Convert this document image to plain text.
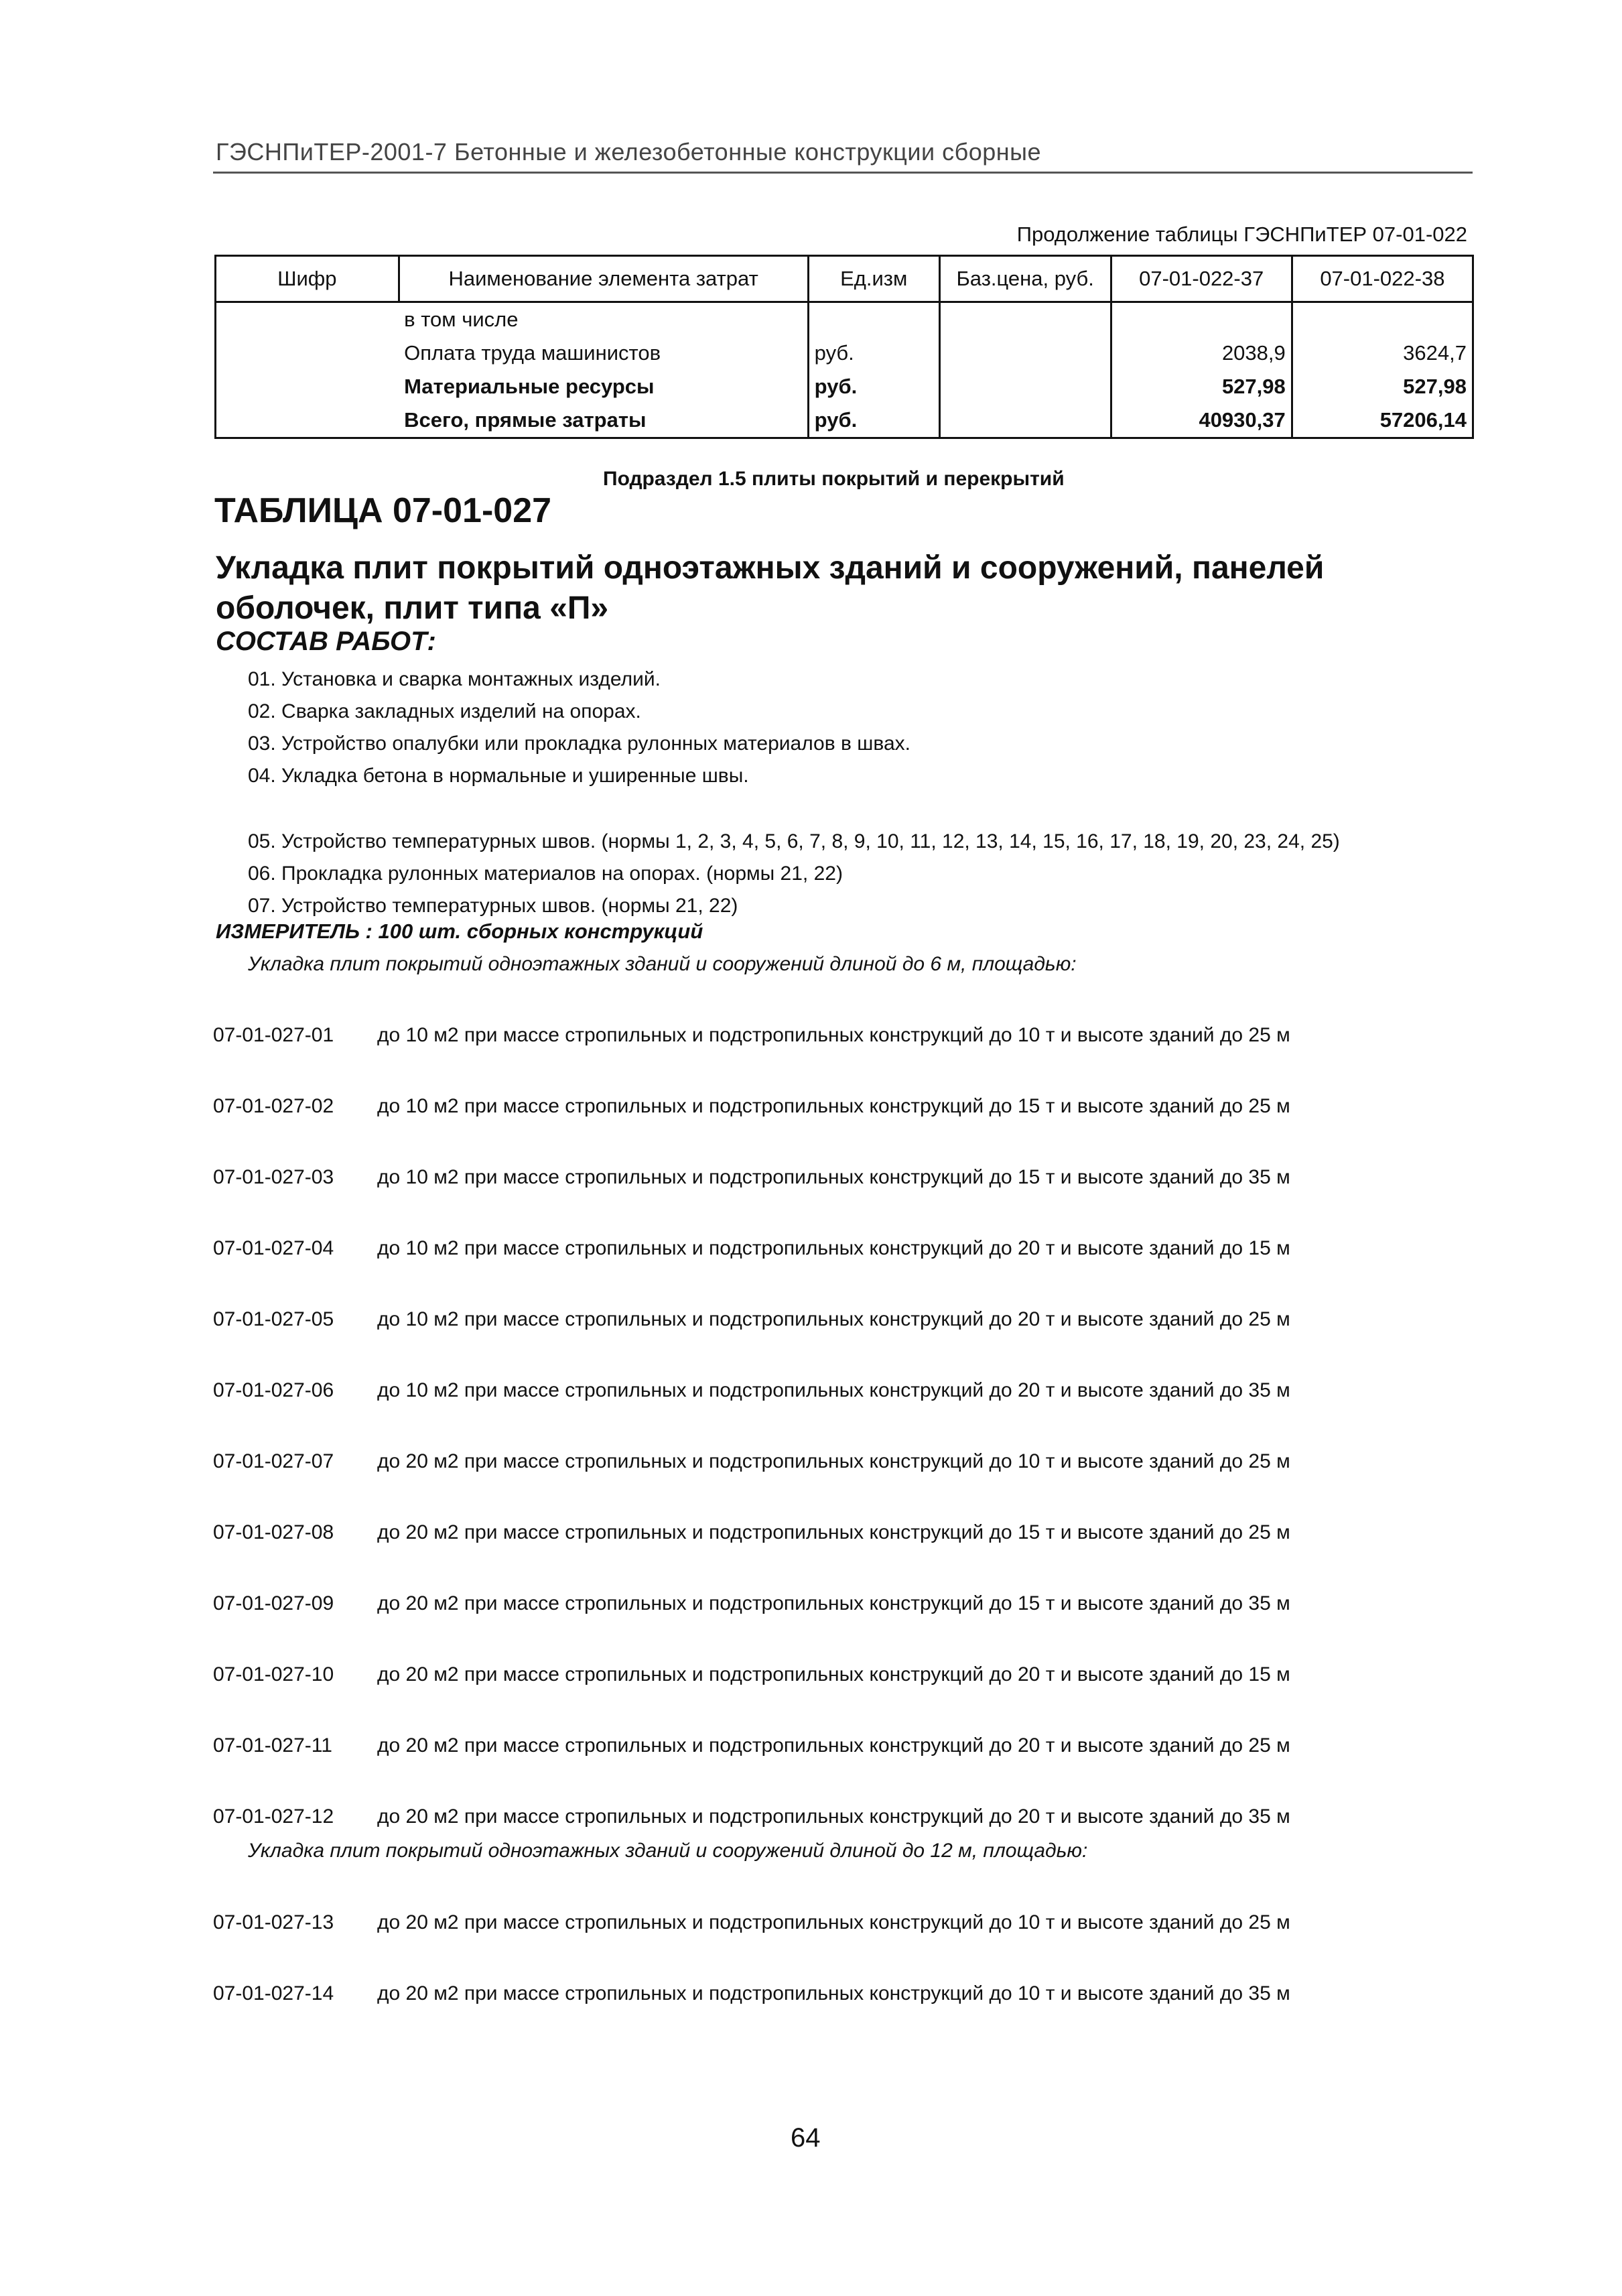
ГЭСНПиТЕР-2001-7 Бетонные и железобетонные конструкции сборные
Продолжение таблицы ГЭСНПиТЕР 07-01-022
Шифр	Наименование элемента затрат	Ед.изм	Баз.цена, руб.	07-01-022-37	07-01-022-38
	в том числе				
	Оплата труда машинистов	руб.		2038,9	3624,7
	Материальные ресурсы	руб.		527,98	527,98
	Всего, прямые затраты	руб.		40930,37	57206,14
Подраздел 1.5 плиты покрытий и перекрытий
ТАБЛИЦА 07-01-027
Укладка плит покрытий одноэтажных зданий и сооружений, панелей оболочек, плит типа «П»
СОСТАВ РАБОТ:
01. Установка и сварка монтажных изделий.
02. Сварка закладных изделий на опорах.
03. Устройство опалубки или прокладка рулонных материалов в швах.
04. Укладка бетона в нормальные и уширенные швы.
05. Устройство температурных швов. (нормы 1, 2, 3, 4, 5, 6, 7, 8, 9, 10, 11, 12, 13, 14, 15, 16, 17, 18, 19, 20, 23, 24, 25)
06. Прокладка рулонных материалов на опорах. (нормы 21, 22)
07. Устройство температурных швов. (нормы 21, 22)
ИЗМЕРИТЕЛЬ : 100 шт. сборных конструкций
Укладка плит покрытий одноэтажных зданий и сооружений длиной до 6 м, площадью:
07-01-027-01 до 10 м2 при массе стропильных и подстропильных конструкций до 10 т и высоте зданий до 25 м
07-01-027-02 до 10 м2 при массе стропильных и подстропильных конструкций до 15 т и высоте зданий до 25 м
07-01-027-03 до 10 м2 при массе стропильных и подстропильных конструкций до 15 т и высоте зданий до 35 м
07-01-027-04 до 10 м2 при массе стропильных и подстропильных конструкций до 20 т и высоте зданий до 15 м
07-01-027-05 до 10 м2 при массе стропильных и подстропильных конструкций до 20 т и высоте зданий до 25 м
07-01-027-06 до 10 м2 при массе стропильных и подстропильных конструкций до 20 т и высоте зданий до 35 м
07-01-027-07 до 20 м2 при массе стропильных и подстропильных конструкций до 10 т и высоте зданий до 25 м
07-01-027-08 до 20 м2 при массе стропильных и подстропильных конструкций до 15 т и высоте зданий до 25 м
07-01-027-09 до 20 м2 при массе стропильных и подстропильных конструкций до 15 т и высоте зданий до 35 м
07-01-027-10 до 20 м2 при массе стропильных и подстропильных конструкций до 20 т и высоте зданий до 15 м
07-01-027-11 до 20 м2 при массе стропильных и подстропильных конструкций до 20 т и высоте зданий до 25 м
07-01-027-12 до 20 м2 при массе стропильных и подстропильных конструкций до 20 т и высоте зданий до 35 м
Укладка плит покрытий одноэтажных зданий и сооружений длиной до 12 м, площадью:
07-01-027-13 до 20 м2 при массе стропильных и подстропильных конструкций до 10 т и высоте зданий до 25 м
07-01-027-14 до 20 м2 при массе стропильных и подстропильных конструкций до 10 т и высоте зданий до 35 м
64
